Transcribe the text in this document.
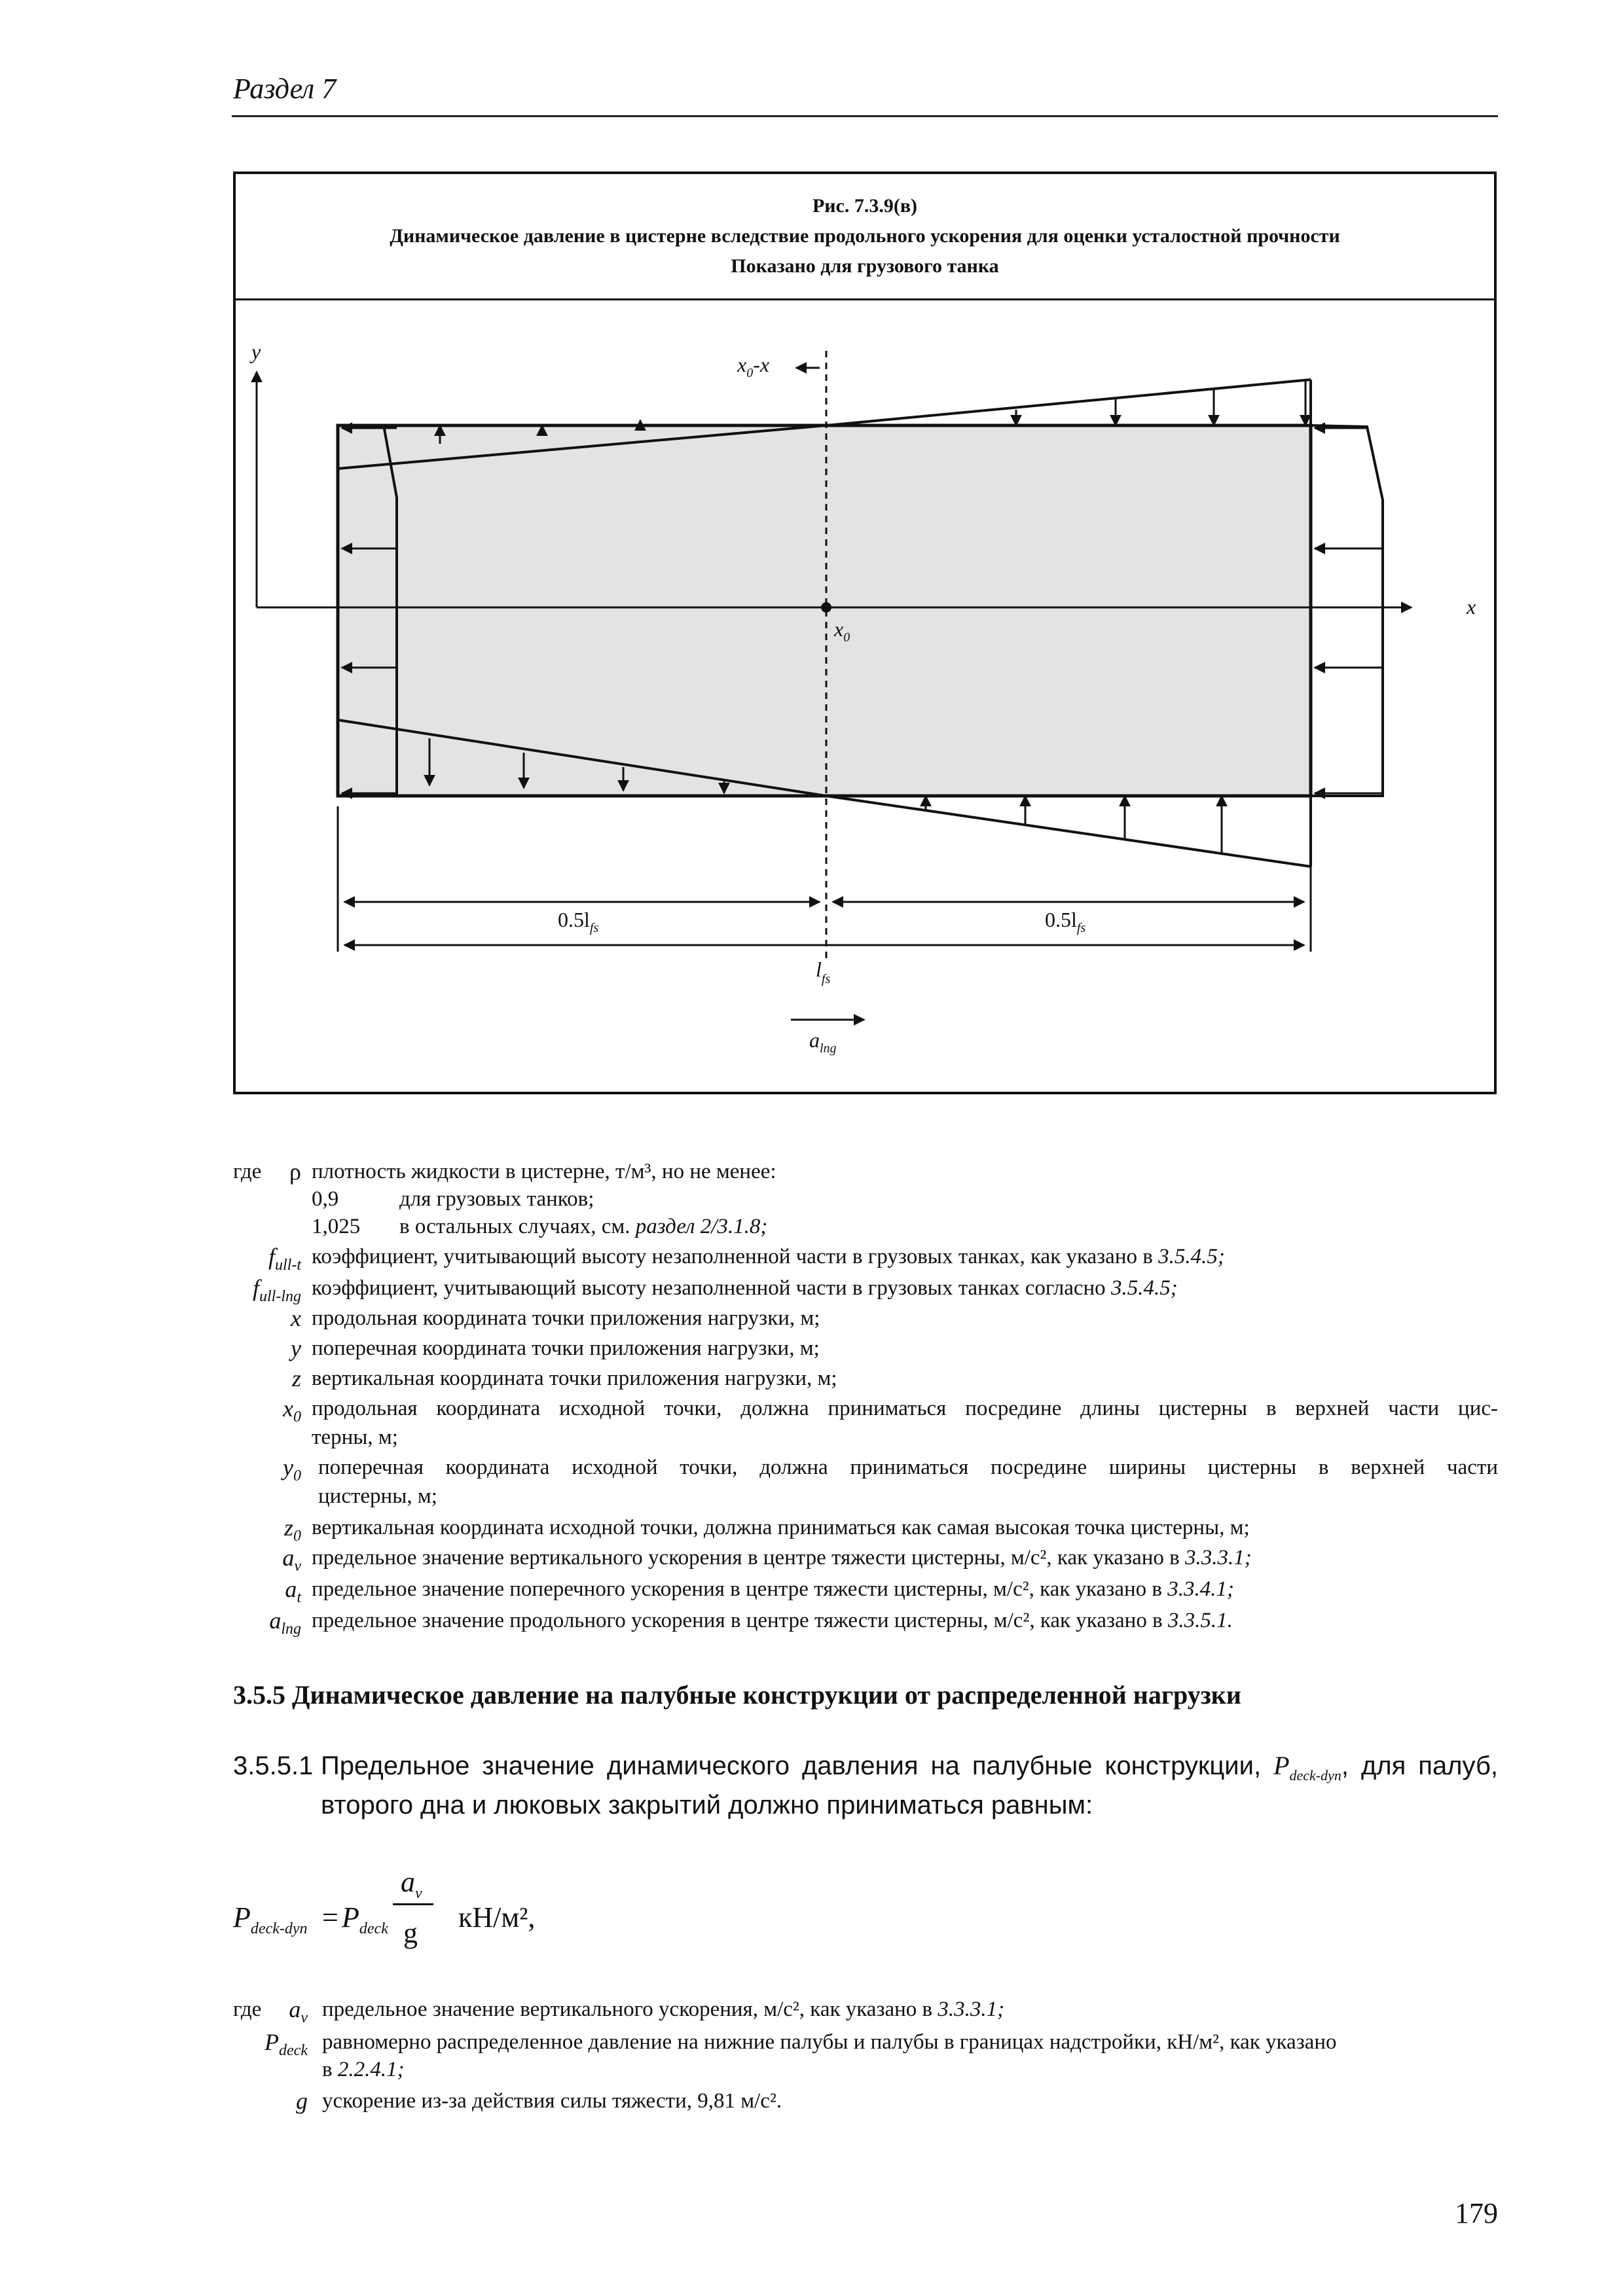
Раздел 7
Рис. 7.3.9(в)
Динамическое давление в цистерне вследствие продольного ускорения для оценки усталостной прочности
Показано для грузового танка
y
x
$x_0-x$
$x_0$
$0.5l_{fs}$	$0.5l_{fs}$
$l_{fs}$
$a_{lng}$
где	ρ плотность жидкости в цистерне, т/м³, но не менее:
0,9	для грузовых танков;
1,025 в остальных случаях, см. раздел 2/3.1.8;
$f_{ull-t}$ коэффициент, учитывающий высоту незаполненной части в грузовых танках, как указано в 3.5.4.5;
$f_{ull-lng}$ коэффициент, учитывающий высоту незаполненной части в грузовых танках согласно 3.5.4.5;
x продольная координата точки приложения нагрузки, м;
y поперечная координата точки приложения нагрузки, м;
z вертикальная координата точки приложения нагрузки, м;
$x_0$ продольная координата исходной точки, должна приниматься посредине длины цистерны в верхней части цис-
терны, м;
$y_0$ поперечная координата исходной точки, должна приниматься посредине ширины цистерны в верхней части
цистерны, м;
$z_0$ вертикальная координата исходной точки, должна приниматься как самая высокая точка цистерны, м;
$a_v$ предельное значение вертикального ускорения в центре тяжести цистерны, м/с², как указано в 3.3.3.1;
$a_t$ предельное значение поперечного ускорения в центре тяжести цистерны, м/с², как указано в 3.3.4.1;
$a_{lng}$ предельное значение продольного ускорения в центре тяжести цистерны, м/с², как указано в 3.3.5.1.
3.5.5 Динамическое давление на палубные конструкции от распределенной нагрузки
3.5.5.1 Предельное значение динамического давления на палубные конструкции, $P_{deck-dyn}$, для палуб,
второго дна и люковых закрытий должно приниматься равным:
$P_{deck-dyn} = P_{deck}$
$a_v$
g кН/м²,
где	$a_v$ предельное значение вертикального ускорения, м/с², как указано в 3.3.3.1;
$P_{deck}$ равномерно распределенное давление на нижние палубы и палубы в границах надстройки, кН/м², как указано
в 2.2.4.1;
g ускорение из-за действия силы тяжести, 9,81 м/с².
179
